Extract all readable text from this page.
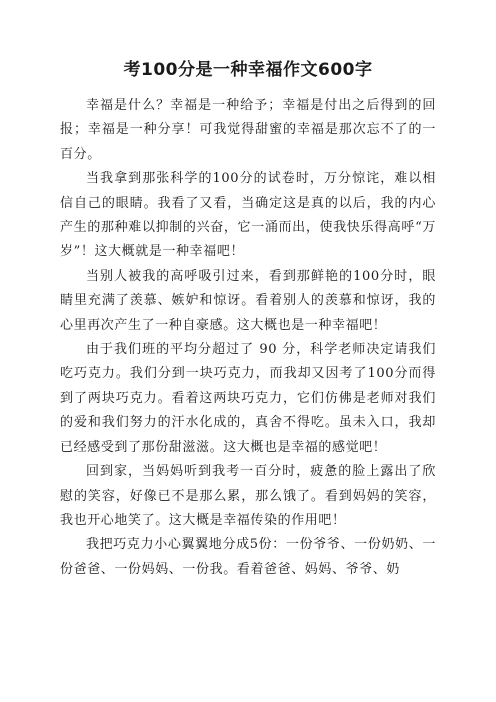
考100分是一种幸福作文600字

幸福是什么？幸福是一种给予；幸福是付出之后得到的回报；幸福是一种分享！可我觉得甜蜜的幸福是那次忘不了的一百分。

当我拿到那张科学的100分的试卷时，万分惊诧，难以相信自己的眼睛。我看了又看，当确定这是真的以后，我的内心产生的那种难以抑制的兴奋，它一涌而出，使我快乐得高呼“万岁”！这大概就是一种幸福吧！

当别人被我的高呼吸引过来，看到那鲜艳的100分时，眼睛里充满了羡慕、嫉妒和惊讶。看着别人的羡慕和惊讶，我的心里再次产生了一种自豪感。这大概也是一种幸福吧！

由于我们班的平均分超过了 90 分，科学老师决定请我们吃巧克力。我们分到一块巧克力，而我却又因考了100分而得到了两块巧克力。看着这两块巧克力，它们仿佛是老师对我们的爱和我们努力的汗水化成的，真舍不得吃。虽未入口，我却已经感受到了那份甜滋滋。这大概也是幸福的感觉吧！

回到家，当妈妈听到我考一百分时，疲惫的脸上露出了欣慰的笑容，好像已不是那么累，那么饿了。看到妈妈的笑容，我也开心地笑了。这大概是幸福传染的作用吧！

我把巧克力小心翼翼地分成5份：一份爷爷、一份奶奶、一份爸爸、一份妈妈、一份我。看着爸爸、妈妈、爷爷、奶
